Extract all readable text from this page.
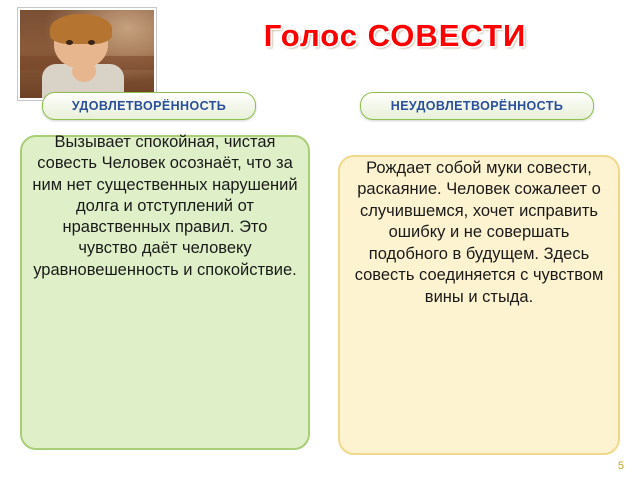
Голос СОВЕСТИ
УДОВЛЕТВОРЁННОСТЬ	НЕУДОВЛЕТВОРЁННОСТЬ
Вызывает спокойная, чистая совесть Человек осознаёт, что за ним нет существенных нарушений долга и отступлений от нравственных правил. Это чувство даёт человеку уравновешенность и спокойствие.
Рождает собой муки совести, раскаяние. Человек сожалеет о случившемся, хочет исправить ошибку и не совершать подобного в будущем. Здесь совесть соединяется с чувством вины и стыда.
5
